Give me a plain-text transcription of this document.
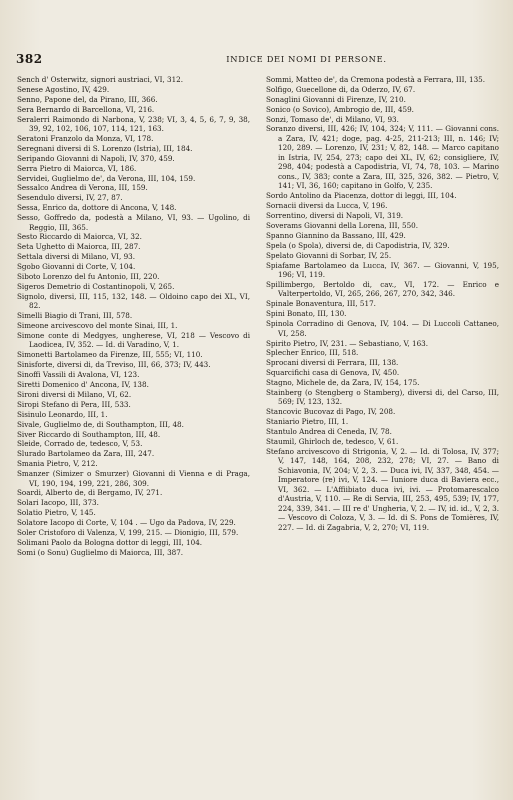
382	INDICE DEI NOMI DI PERSONE.

Sench d' Osterwitz, signori austriaci, VI, 312.

Senese Agostino, IV, 429.

Senno, Papone del, da Pirano, III, 366.

Sera Bernardo di Barcellona, VI, 216.

Seralerri Raimondo di Narbona, V, 238; VI, 3, 4, 5, 6, 7, 9, 38, 39, 92, 102, 106, 107, 114, 121, 163.

Seratoni Franzolo da Monza, VI, 178.

Seregnani diversi di S. Lorenzo (Istria), III, 184.

Seripando Giovanni di Napoli, IV, 370, 459.

Serra Pietro di Maiorca, VI, 186.

Servidei, Guglielmo de', da Verona, III, 104, 159.

Sessalco Andrea di Verona, III, 159.

Sesendulo diversi, IV, 27, 87.

Sessa, Enrico da, dottore di Ancona, V, 148.

Sesso, Goffredo da, podestà a Milano, VI, 93. — Ugolino, di Reggio, III, 365.

Sesto Riccardo di Maiorca, VI, 32.

Seta Ughetto di Maiorca, III, 287.

Settala diversi di Milano, VI, 93.

Sgobo Giovanni di Corte, V, 104.

Siboto Lorenzo del fu Antonio, III, 220.

Sigeros Demetrio di Costantinopoli, V, 265.

Signolo, diversi, III, 115, 132, 148. — Oldoino capo dei XL, VI, 82.

Simelli Biagio di Trani, III, 578.

Simeone arcivescovo del monte Sinai, III, 1.

Simone conte di Medgyes, ungherese, VI, 218 — Vescovo di Laodicea, IV, 352. — Id. di Varadino, V, 1.

Simonetti Bartolameo da Firenze, III, 555; VI, 110.

Sinisforte, diversi di, da Treviso, III, 66, 373; IV, 443.

Sinoffi Vassili di Avalona, VI, 123.

Siretti Domenico d' Ancona, IV, 138.

Sironi diversi di Milano, VI, 62.

Siropi Stefano di Pera, III, 533.

Sisinulo Leonardo, III, 1.

Sivale, Guglielmo de, di Southampton, III, 48.

Siver Riccardo di Southampton, III, 48.

Sleide, Corrado de, tedesco, V, 53.

Slurado Bartolameo da Zara, III, 247.

Smania Pietro, V, 212.

Smanzer (Simizer o Smurzer) Giovanni di Vienna e di Praga, VI, 190, 194, 199, 221, 286, 309.

Soardi, Alberto de, di Bergamo, IV, 271.

Solari Iacopo, III, 373.

Solatio Pietro, V, 145.

Solatore Iacopo di Corte, V, 104 . — Ugo da Padova, IV, 229.

Soler Cristoforo di Valenza, V, 199, 215. — Dionigio, III, 579.

Solimani Paolo da Bologna dottor di leggi, III, 104.

Somi (o Sonu) Guglielmo di Maiorca, III, 387.

Sommi, Matteo de', da Cremona podestà a Ferrara, III, 135.

Solfigo, Guecellone di, da Oderzo, IV, 67.

Sonaglini Giovanni di Firenze, IV, 210.

Sonico (o Sovico), Ambrogio de, III, 459.

Sonzi, Tomaso de', di Milano, VI, 93.

Soranzo diversi, III, 426; IV, 104, 324; V, 111. — Giovanni cons. a Zara, IV, 421; doge, pag. 4-25, 211-213; III, n. 146; IV; 120, 289. — Lorenzo, IV, 231; V, 82, 148. — Marco capitano in Istria, IV, 254, 273; capo dei XL, IV, 62; consigliere, IV, 298, 404; podestà a Capodistria, VI, 74, 78, 103. — Marino cons., IV, 383; conte a Zara, III, 325, 326, 382. — Pietro, V, 141; VI, 36, 160; capitano in Golfo, V, 235.

Sordo Antolino da Piacenza, dottor di leggi, III, 104.

Sornacii diversi da Lucca, V, 196.

Sorrentino, diversi di Napoli, VI, 319.

Soverams Giovanni della Lorena, III, 550.

Spanno Giannino da Bassano, III, 429.

Spela (o Spola), diversi de, di Capodistria, IV, 329.

Spelato Giovanni di Sorbar, IV, 25.

Spiafame Bartolameo da Lucca, IV, 367. — Giovanni, V, 195, 196; VI, 119.

Spillimbergo, Bertoldo di, cav., VI, 172. — Enrico e Valterpertoldo, VI, 265, 266, 267, 270, 342, 346.

Spinale Bonaventura, III, 517.

Spini Bonato, III, 130.

Spinola Corradino di Genova, IV, 104. — Di Luccoli Cattaneo, VI, 258.

Spirito Pietro, IV, 231. — Sebastiano, V, 163.

Splecher Enrico, III, 518.

Sprocani diversi di Ferrara, III, 138.

Squarcifichi casa di Genova, IV, 450.

Stagno, Michele de, da Zara, IV, 154, 175.

Stainberg (o Stengberg o Stamberg), diversi di, del Carso, III, 569; IV, 123, 132.

Stancovic Bucovaz di Pago, IV, 208.

Staniario Pietro, III, 1.

Stantulo Andrea di Ceneda, IV, 78.

Staumil, Ghirloch de, tedesco, V, 61.

Stefano arcivescovo di Strigonia, V, 2. — Id. di Tolosa, IV, 377; V, 147, 148, 164, 208, 232, 278; VI, 27. — Bano di Schiavonia, IV, 204; V, 2, 3. — Duca ivi, IV, 337, 348, 454. — Imperatore (re) ivi, V, 124. — Iuniore duca di Baviera ecc., VI, 362. — L'Affiibiato duca ivi, ivi. — Protomarescalco d'Austria, V, 110. — Re di Servia, III, 253, 495, 539; IV, 177, 224, 339, 341. — III re d' Ungheria, V, 2. — IV, id. id., V, 2, 3. — Vescovo di Coloza, V, 3. — Id. di S. Pons de Tomières, IV, 227. — Id. di Zagabria, V, 2, 270; VI, 119.
